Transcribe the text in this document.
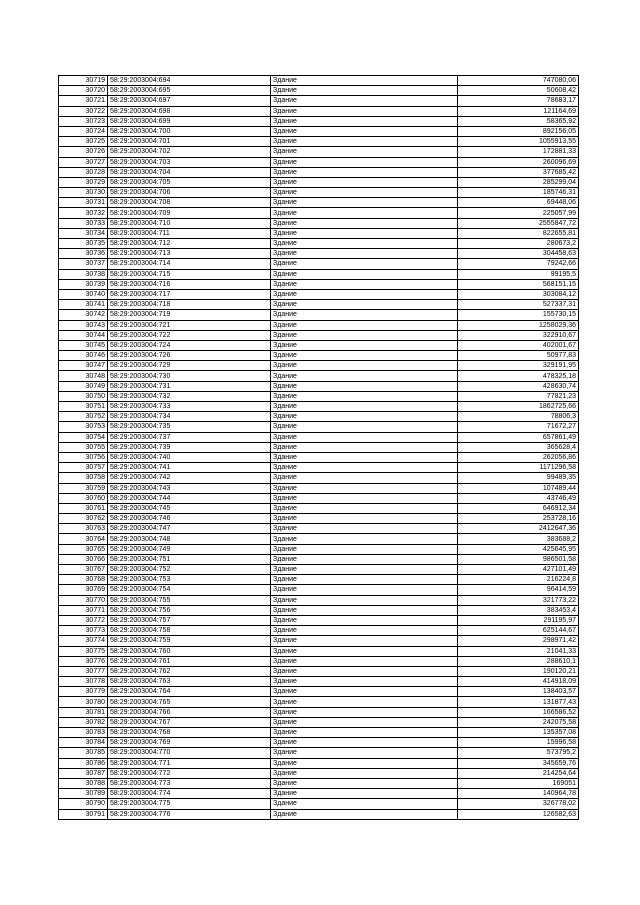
30719	58:29:2003004:694	Здание	747080,06
30720	58:29:2003004:695	Здание	50608,42
30721	58:29:2003004:697	Здание	78683,17
30722	58:29:2003004:698	Здание	121164,69
30723	58:29:2003004:699	Здание	58365,92
30724	58:29:2003004:700	Здание	892156,05
30725	58:29:2003004:701	Здание	1055913,55
30726	58:29:2003004:702	Здание	172881,33
30727	58:29:2003004:703	Здание	260096,69
30728	58:29:2003004:704	Здание	377685,42
30729	58:29:2003004:705	Здание	285299,04
30730	58:29:2003004:706	Здание	185746,31
30731	58:29:2003004:708	Здание	69448,06
30732	58:29:2003004:709	Здание	225057,99
30733	58:29:2003004:710	Здание	2555847,72
30734	58:29:2003004:711	Здание	822655,81
30735	58:29:2003004:712	Здание	280673,2
30736	58:29:2003004:713	Здание	304458,63
30737	58:29:2003004:714	Здание	79242,66
30738	58:29:2003004:715	Здание	99195,5
30739	58:29:2003004:716	Здание	568151,15
30740	58:29:2003004:717	Здание	303084,12
30741	58:29:2003004:718	Здание	527337,31
30742	58:29:2003004:719	Здание	155730,15
30743	58:29:2003004:721	Здание	1258029,36
30744	58:29:2003004:722	Здание	322910,67
30745	58:29:2003004:724	Здание	402001,67
30746	58:29:2003004:726	Здание	50977,83
30747	58:29:2003004:729	Здание	329191,95
30748	58:29:2003004:730	Здание	478325,18
30749	58:29:2003004:731	Здание	428630,74
30750	58:29:2003004:732	Здание	77821,23
30751	58:29:2003004:733	Здание	1862725,66
30752	58:29:2003004:734	Здание	78806,3
30753	58:29:2003004:735	Здание	71672,27
30754	58:29:2003004:737	Здание	657861,49
30755	58:29:2003004:739	Здание	365628,4
30756	58:29:2003004:740	Здание	262056,86
30757	58:29:2003004:741	Здание	1171296,58
30758	58:29:2003004:742	Здание	99489,35
30759	58:29:2003004:743	Здание	107489,44
30760	58:29:2003004:744	Здание	43746,49
30761	58:29:2003004:745	Здание	646912,34
30762	58:29:2003004:746	Здание	253728,16
30763	58:29:2003004:747	Здание	2412647,36
30764	58:29:2003004:748	Здание	383688,2
30765	58:29:2003004:749	Здание	425645,95
30766	58:29:2003004:751	Здание	986501,58
30767	58:29:2003004:752	Здание	427101,49
30768	58:29:2003004:753	Здание	216224,8
30769	58:29:2003004:754	Здание	96414,59
30770	58:29:2003004:755	Здание	321773,22
30771	58:29:2003004:756	Здание	383453,4
30772	58:29:2003004:757	Здание	291195,97
30773	58:29:2003004:758	Здание	625144,67
30774	58:29:2003004:759	Здание	298971,42
30775	58:29:2003004:760	Здание	21041,33
30776	58:29:2003004:761	Здание	288610,1
30777	58:29:2003004:762	Здание	190120,21
30778	58:29:2003004:763	Здание	414918,09
30779	58:29:2003004:764	Здание	138403,57
30780	58:29:2003004:765	Здание	131877,43
30781	58:29:2003004:766	Здание	166586,52
30782	58:29:2003004:767	Здание	242075,58
30783	58:29:2003004:768	Здание	135357,08
30784	58:29:2003004:769	Здание	15996,58
30785	58:29:2003004:770	Здание	573795,2
30786	58:29:2003004:771	Здание	345659,76
30787	58:29:2003004:772	Здание	214254,64
30788	58:29:2003004:773	Здание	169051
30789	58:29:2003004:774	Здание	140964,78
30790	58:29:2003004:775	Здание	326778,02
30791	58:29:2003004:776	Здание	126582,63
